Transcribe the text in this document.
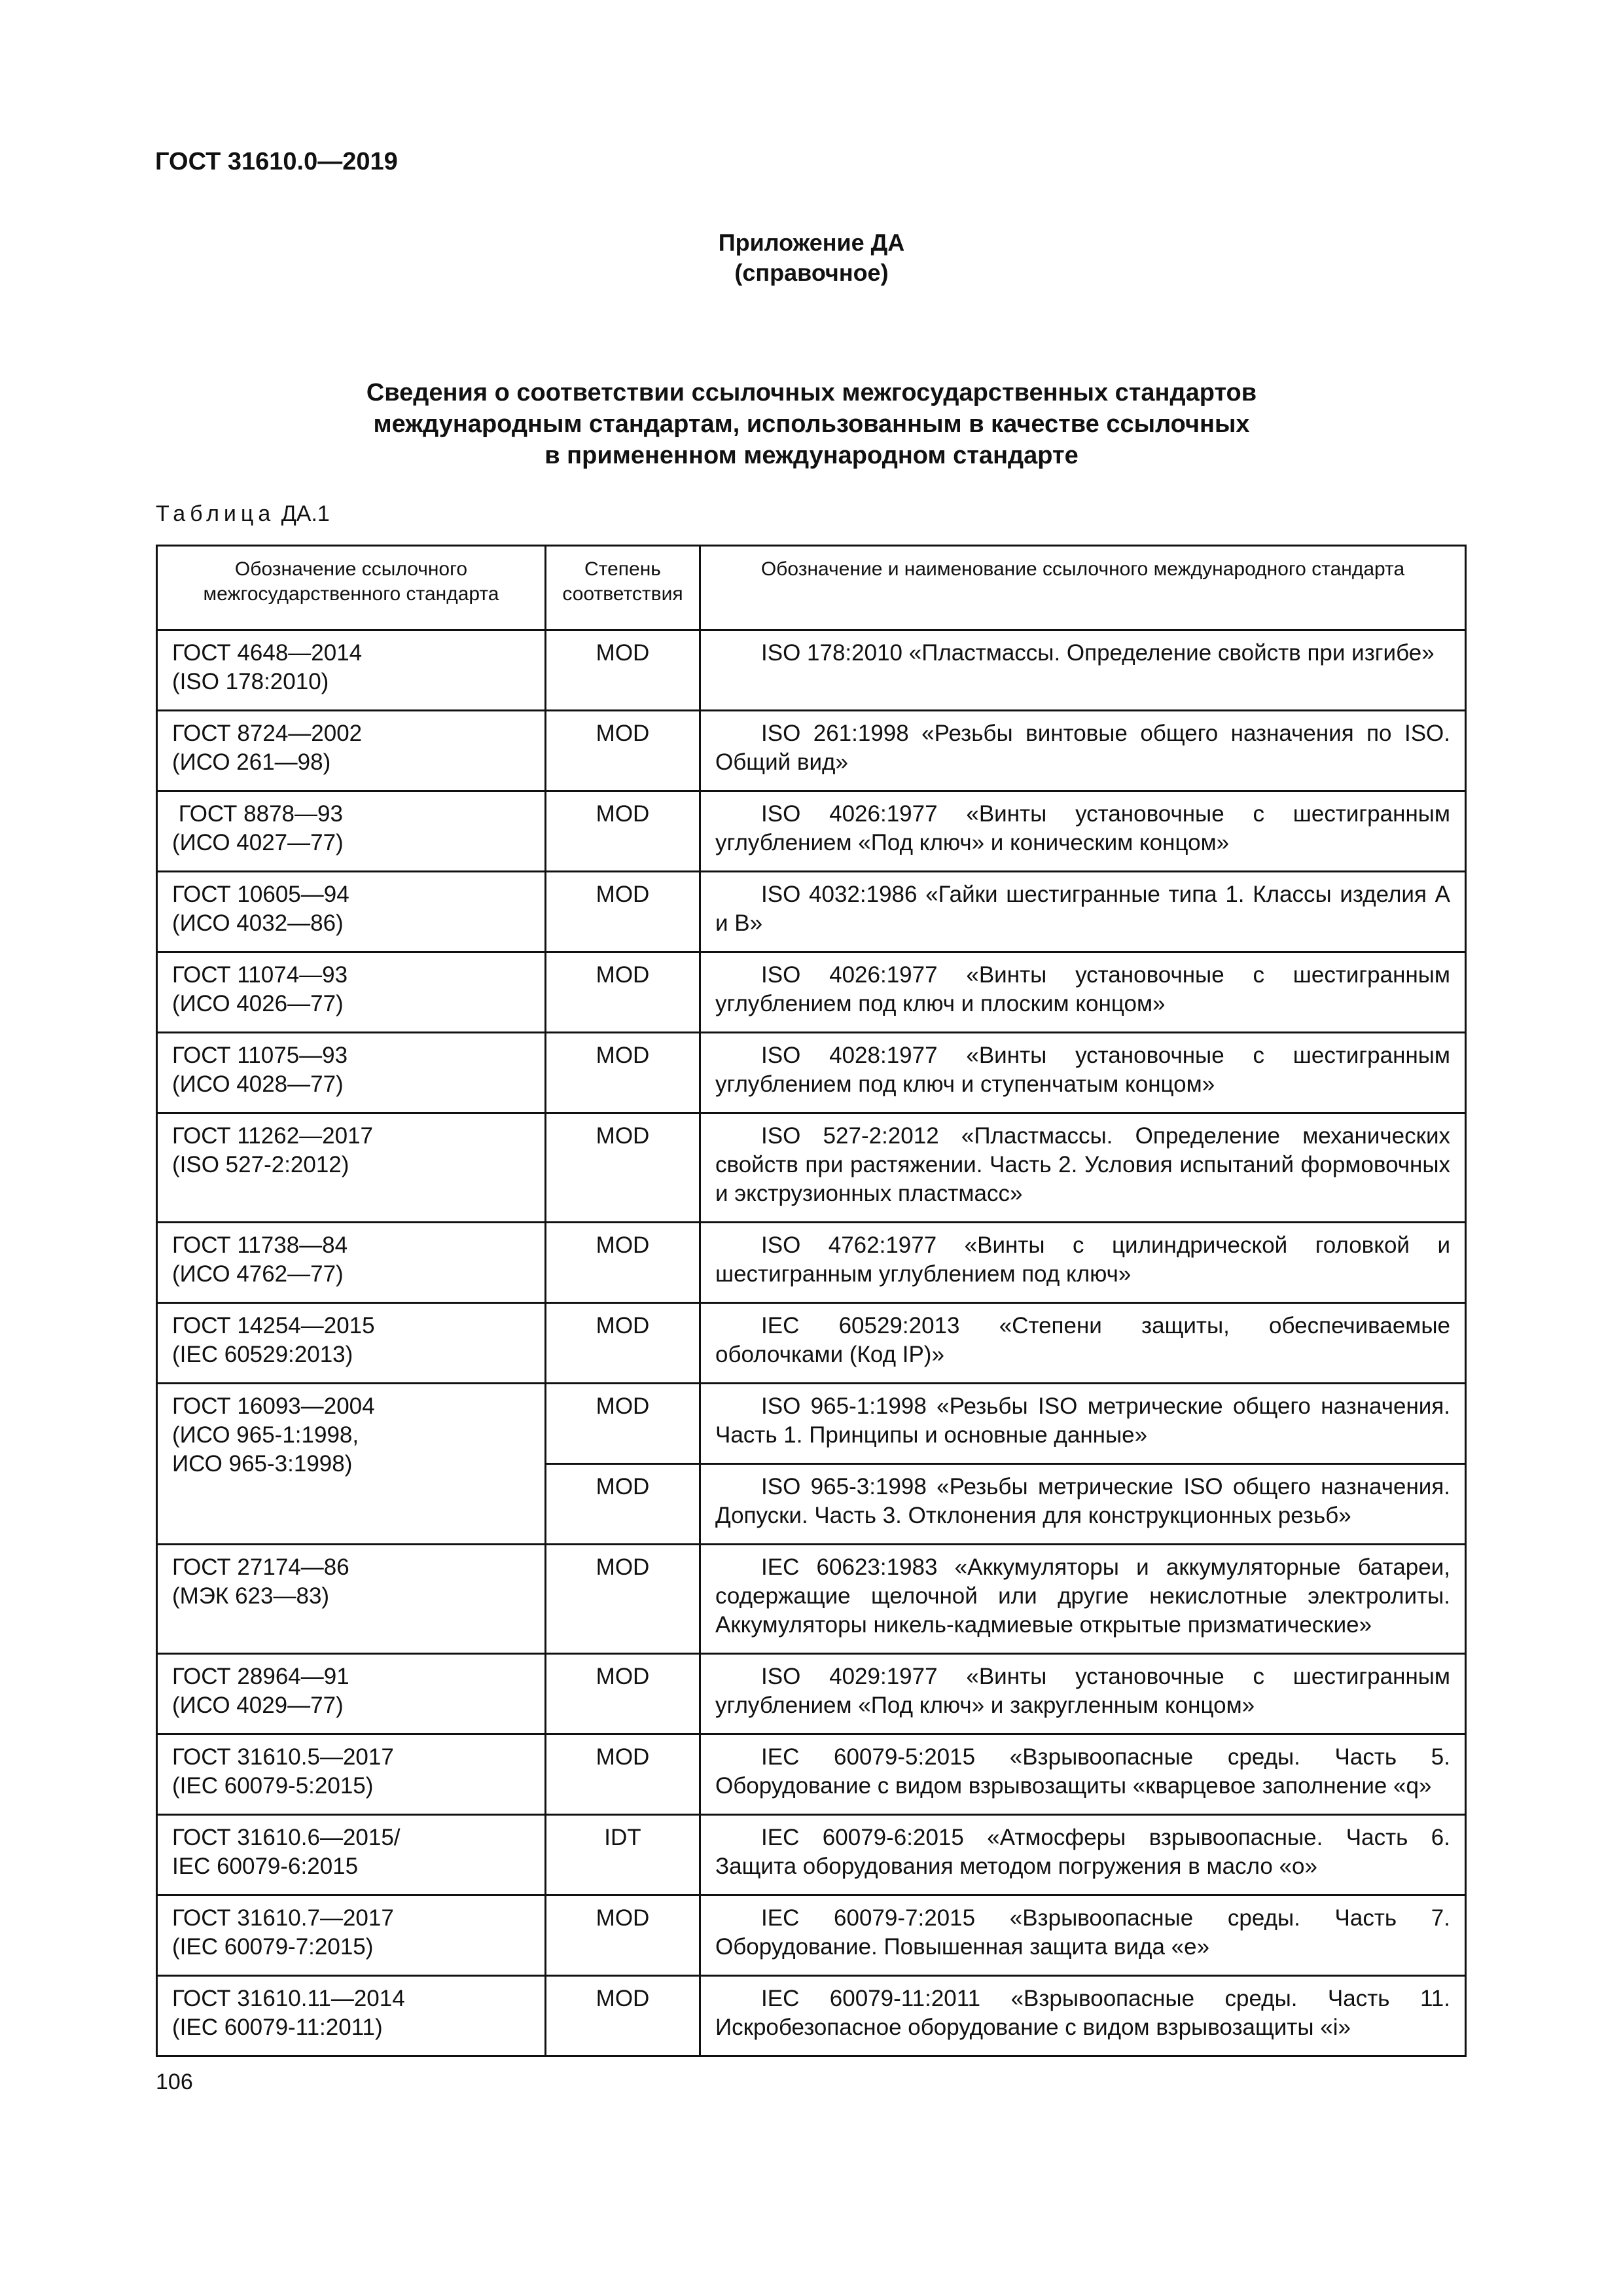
ГОСТ 31610.0—2019
Приложение ДА
(справочное)
Сведения о соответствии ссылочных межгосударственных стандартов
международным стандартам, использованным в качестве ссылочных
в примененном международном стандарте
Таблица ДА.1
Обозначение ссылочного межгосударственного стандарта	Степень соответствия	Обозначение и наименование ссылочного международного стандарта

ГОСТ 4648—2014
(ISO 178:2010)	MOD	ISO 178:2010 «Пластмассы. Определение свойств при изгибе»

ГОСТ 8724—2002
(ИСО 261—98)	MOD	ISO 261:1998 «Резьбы винтовые общего назначения по ISO. Общий вид»

ГОСТ 8878—93
(ИСО 4027—77)	MOD	ISO 4026:1977 «Винты установочные с шестигранным углублением «Под ключ» и коническим концом»

ГОСТ 10605—94
(ИСО 4032—86)	MOD	ISO 4032:1986 «Гайки шестигранные типа 1. Классы изделия А и В»

ГОСТ 11074—93
(ИСО 4026—77)	MOD	ISO 4026:1977 «Винты установочные с шестигранным углублением под ключ и плоским концом»

ГОСТ 11075—93
(ИСО 4028—77)	MOD	ISO 4028:1977 «Винты установочные с шестигранным углублением под ключ и ступенчатым концом»

ГОСТ 11262—2017
(ISO 527-2:2012)	MOD	ISO 527-2:2012 «Пластмассы. Определение механических свойств при растяжении. Часть 2. Условия испытаний формовочных и экструзионных пластмасс»

ГОСТ 11738—84
(ИСО 4762—77)	MOD	ISO 4762:1977 «Винты с цилиндрической головкой и шестигранным углублением под ключ»

ГОСТ 14254—2015
(IEC 60529:2013)	MOD	IEC 60529:2013 «Степени защиты, обеспечиваемые оболочками (Код IP)»

ГОСТ 16093—2004
(ИСО 965-1:1998,
ИСО 965-3:1998)	MOD	ISO 965-1:1998 «Резьбы ISO метрические общего назначения. Часть 1. Принципы и основные данные»
	MOD	ISO 965-3:1998 «Резьбы метрические ISO общего назначения. Допуски. Часть 3. Отклонения для конструкционных резьб»

ГОСТ 27174—86
(МЭК 623—83)	MOD	IEC 60623:1983 «Аккумуляторы и аккумуляторные батареи, содержащие щелочной или другие некислотные электролиты. Аккумуляторы никель-кадмиевые открытые призматические»

ГОСТ 28964—91
(ИСО 4029—77)	MOD	ISO 4029:1977 «Винты установочные с шестигранным углублением «Под ключ» и закругленным концом»

ГОСТ 31610.5—2017
(IEC 60079-5:2015)	MOD	IEC 60079-5:2015 «Взрывоопасные среды. Часть 5. Оборудование с видом взрывозащиты «кварцевое заполнение «q»

ГОСТ 31610.6—2015/
IEC 60079-6:2015	IDT	IEC 60079-6:2015 «Атмосферы взрывоопасные. Часть 6. Защита оборудования методом погружения в масло «о»

ГОСТ 31610.7—2017
(IEC 60079-7:2015)	MOD	IEC 60079-7:2015 «Взрывоопасные среды. Часть 7. Оборудование. Повышенная защита вида «е»

ГОСТ 31610.11—2014
(IEC 60079-11:2011)	MOD	IEC 60079-11:2011 «Взрывоопасные среды. Часть 11. Искробезопасное оборудование с видом взрывозащиты «i»
106
